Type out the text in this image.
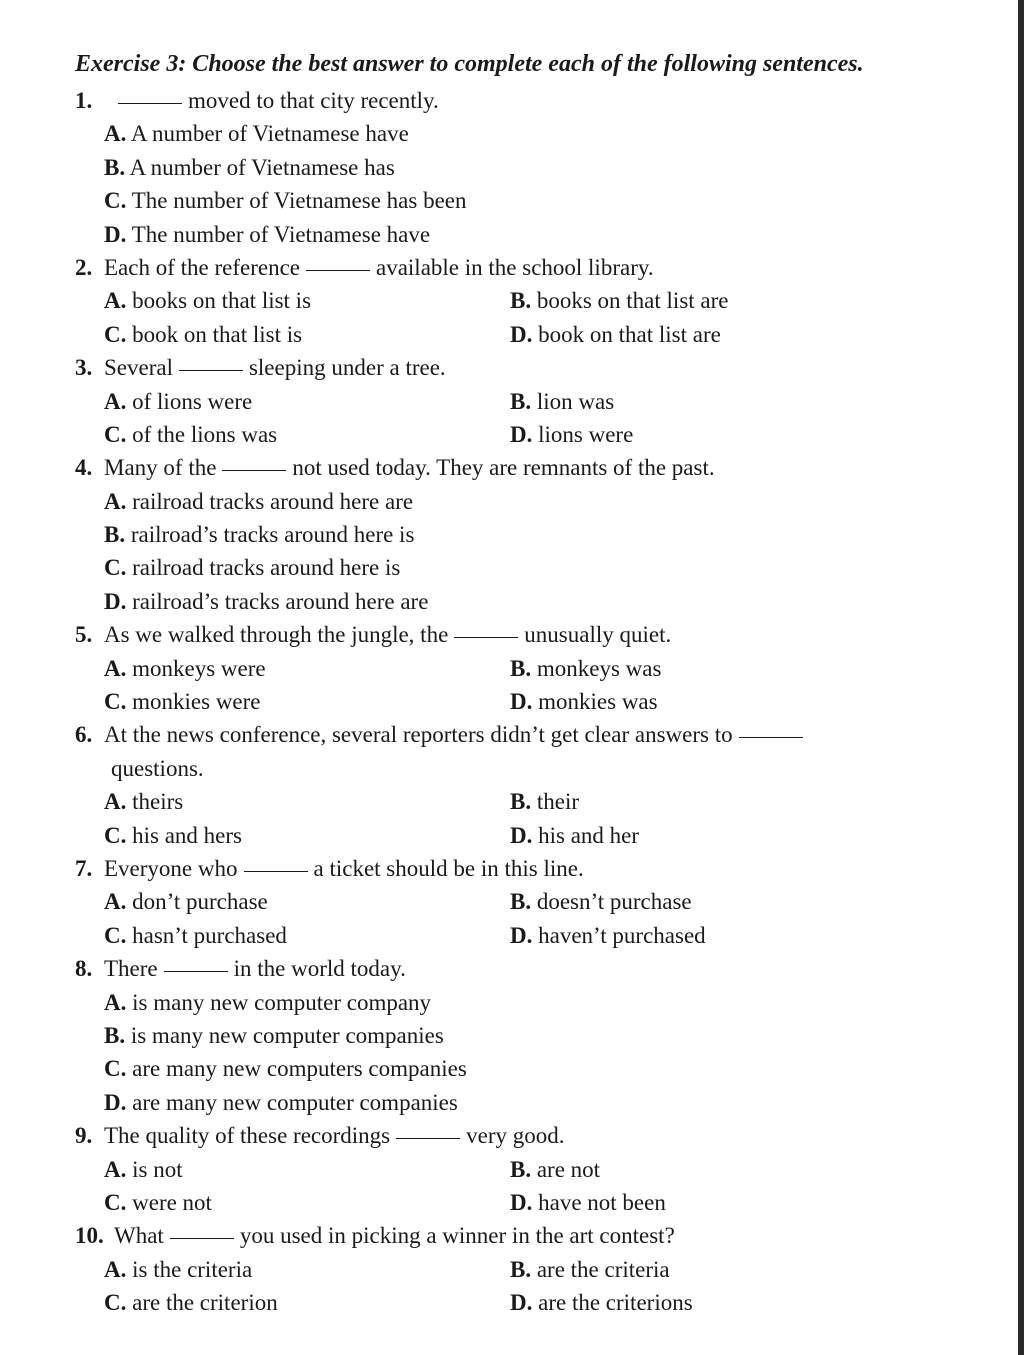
Exercise 3: Choose the best answer to complete each of the following sentences.
1.	moved to that city recently.
A. A number of Vietnamese have
B. A number of Vietnamese has
C. The number of Vietnamese has been
D. The number of Vietnamese have
2. Each of the reference	available in the school library.
A. books on that list is	B. books on that list are
C. book on that list is	D. book on that list are
3. Several	sleeping under a tree.
A. of lions were	B. lion was
C. of the lions was	D. lions were
4. Many of the	not used today. They are remnants of the past.
A. railroad tracks around here are
B. railroad’s tracks around here is
C. railroad tracks around here is
D. railroad’s tracks around here are
5. As we walked through the jungle, the	unusually quiet.
A. monkeys were	B. monkeys was
C. monkies were	D. monkies was
6. At the news conference, several reporters didn’t get clear answers to
questions.
A. theirs	B. their
C. his and hers	D. his and her
7. Everyone who	a ticket should be in this line.
A. don’t purchase	B. doesn’t purchase
C. hasn’t purchased	D. haven’t purchased
8. There	in the world today.
A. is many new computer company
B. is many new computer companies
C. are many new computers companies
D. are many new computer companies
9. The quality of these recordings	very good.
A. is not	B. are not
C. were not	D. have not been
10. What	you used in picking a winner in the art contest?
A. is the criteria	B. are the criteria
C. are the criterion	D. are the criterions
